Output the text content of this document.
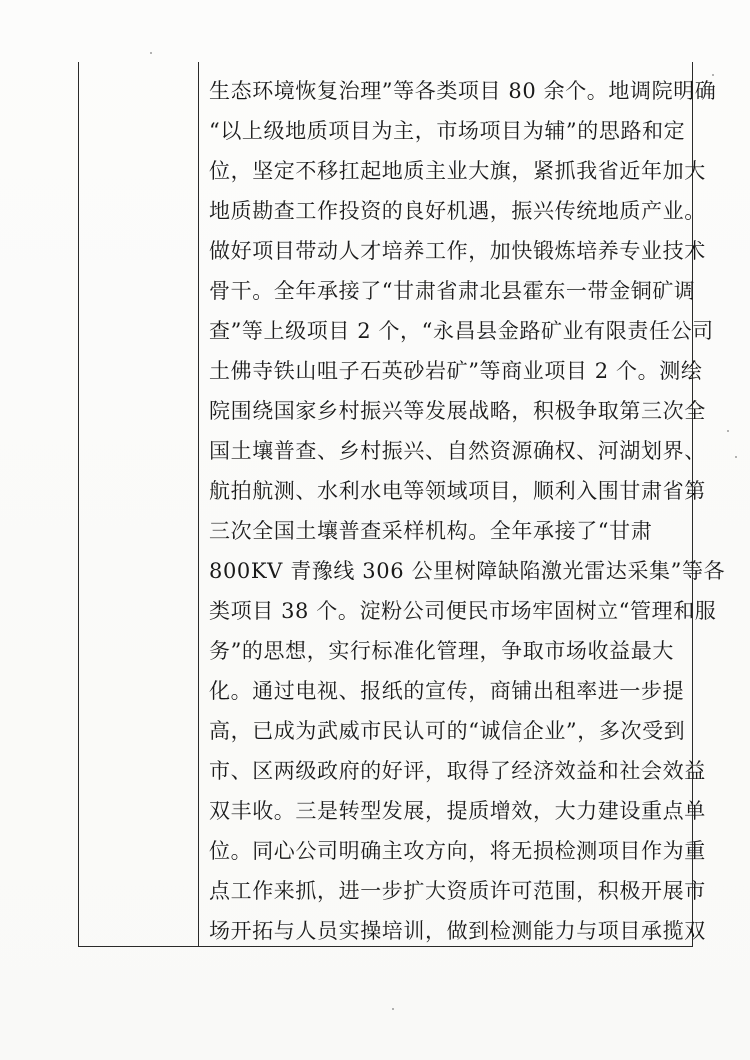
生态环境恢复治理”等各类项目 80 余个。地调院明确
“以上级地质项目为主，市场项目为辅”的思路和定
位，坚定不移扛起地质主业大旗，紧抓我省近年加大
地质勘查工作投资的良好机遇，振兴传统地质产业。
做好项目带动人才培养工作，加快锻炼培养专业技术
骨干。全年承接了“甘肃省肃北县霍东一带金铜矿调
查”等上级项目 2 个，“永昌县金路矿业有限责任公司
土佛寺铁山咀子石英砂岩矿”等商业项目 2 个。测绘
院围绕国家乡村振兴等发展战略，积极争取第三次全
国土壤普查、乡村振兴、自然资源确权、河湖划界、
航拍航测、水利水电等领域项目，顺利入围甘肃省第
三次全国土壤普查采样机构。全年承接了“甘肃
800KV 青豫线 306 公里树障缺陷激光雷达采集”等各
类项目 38 个。淀粉公司便民市场牢固树立“管理和服
务”的思想，实行标准化管理，争取市场收益最大
化。通过电视、报纸的宣传，商铺出租率进一步提
高，已成为武威市民认可的“诚信企业”，多次受到
市、区两级政府的好评，取得了经济效益和社会效益
双丰收。三是转型发展，提质增效，大力建设重点单
位。同心公司明确主攻方向，将无损检测项目作为重
点工作来抓，进一步扩大资质许可范围，积极开展市
场开拓与人员实操培训，做到检测能力与项目承揽双
